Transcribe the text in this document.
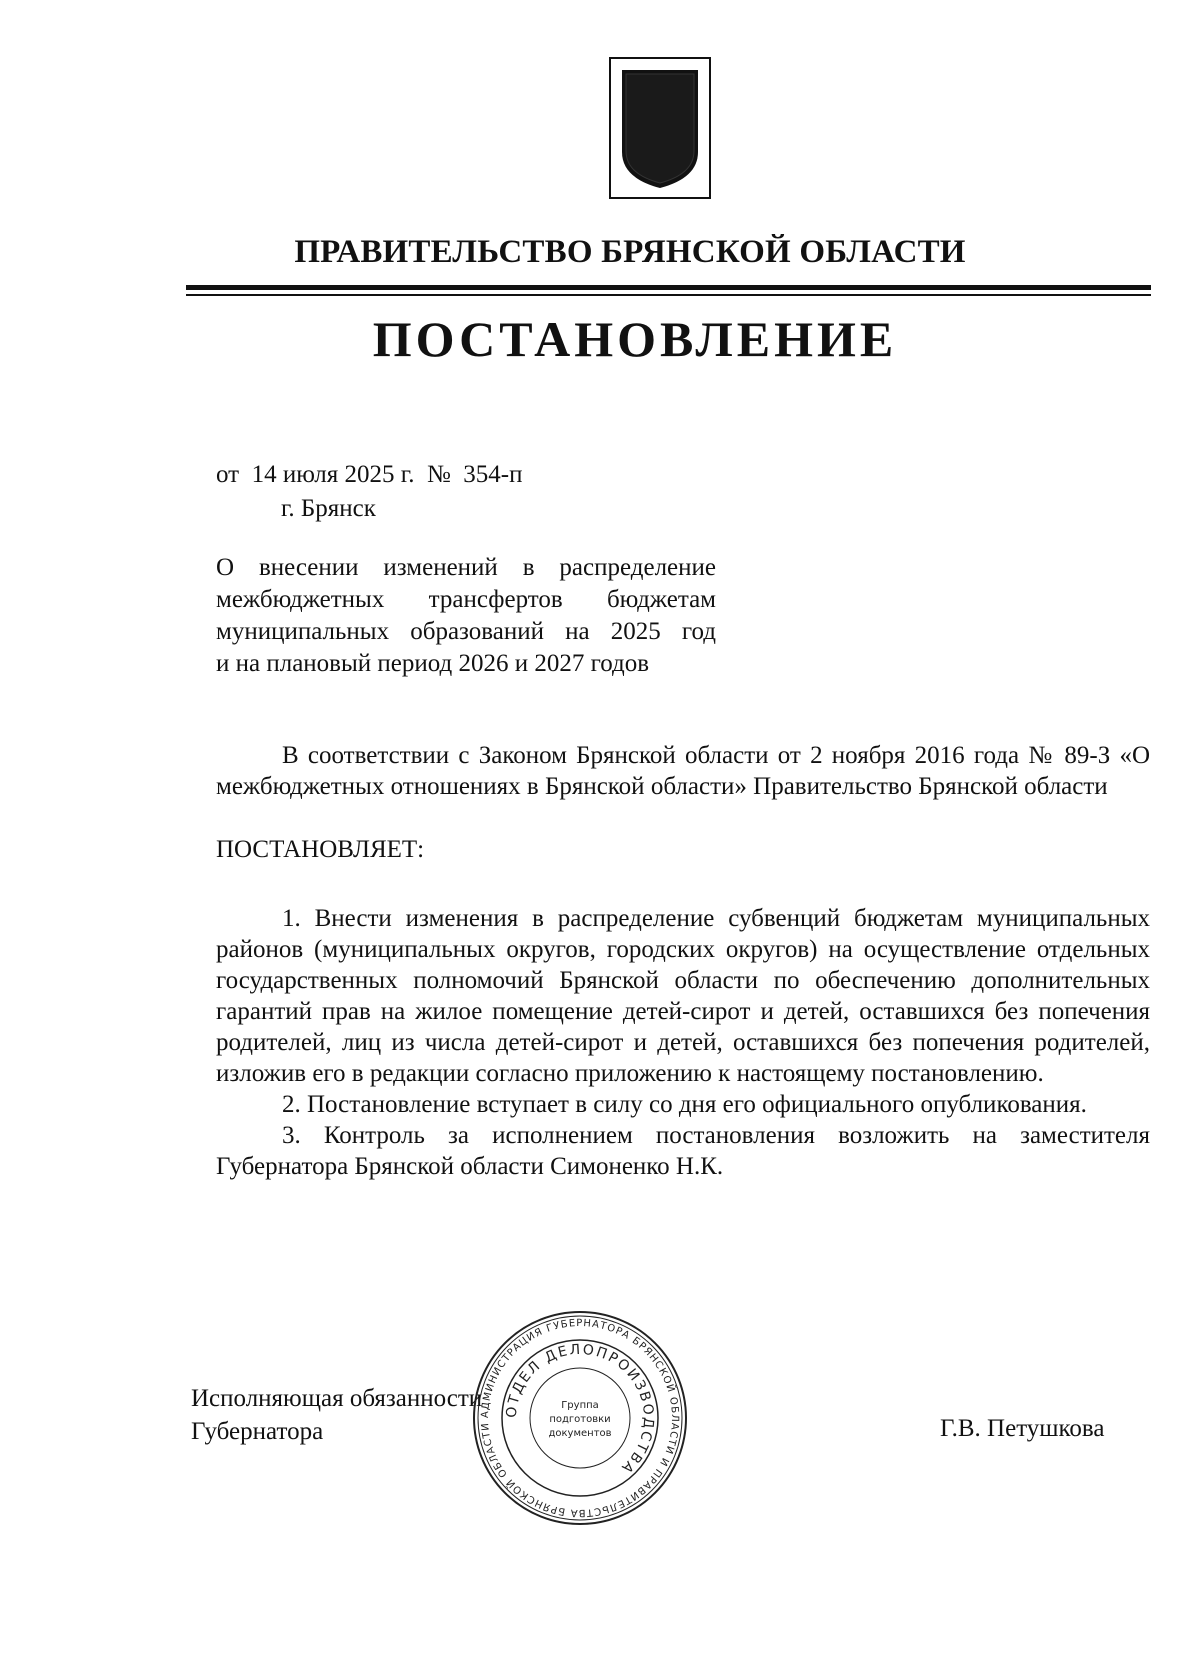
ПРАВИТЕЛЬСТВО БРЯНСКОЙ ОБЛАСТИ
ПОСТАНОВЛЕНИЕ
от  14 июля 2025 г.  №  354-п
г. Брянск
О внесении изменений в распределение
межбюджетных трансфертов бюджетам
муниципальных образований на 2025 год
и на плановый период 2026 и 2027 годов

В соответствии с Законом Брянской области от 2 ноября 2016 года № 89-З «О межбюджетных отношениях в Брянской области» Правительство Брянской области

ПОСТАНОВЛЯЕТ:

1. Внести изменения в распределение субвенций бюджетам муниципальных районов (муниципальных округов, городских округов) на осуществление отдельных государственных полномочий Брянской области по обеспечению дополнительных гарантий прав на жилое помещение детей-сирот и детей, оставшихся без попечения родителей, лиц из числа детей-сирот и детей, оставшихся без попечения родителей, изложив его в редакции согласно приложению к настоящему постановлению.

2. Постановление вступает в силу со дня его официального опубликования.

3. Контроль за исполнением постановления возложить на заместителя Губернатора Брянской области Симоненко Н.К.

Исполняющая обязанности
Губернатора	Г.В. Петушкова
АДМИНИСТРАЦИЯ ГУБЕРНАТОРА БРЯНСКОЙ ОБЛАСТИ И ПРАВИТЕЛЬСТВА БРЯНСКОЙ ОБЛАСТИ
ОТДЕЛ ДЕЛОПРОИЗВОДСТВА
Группа
подготовки
документов
